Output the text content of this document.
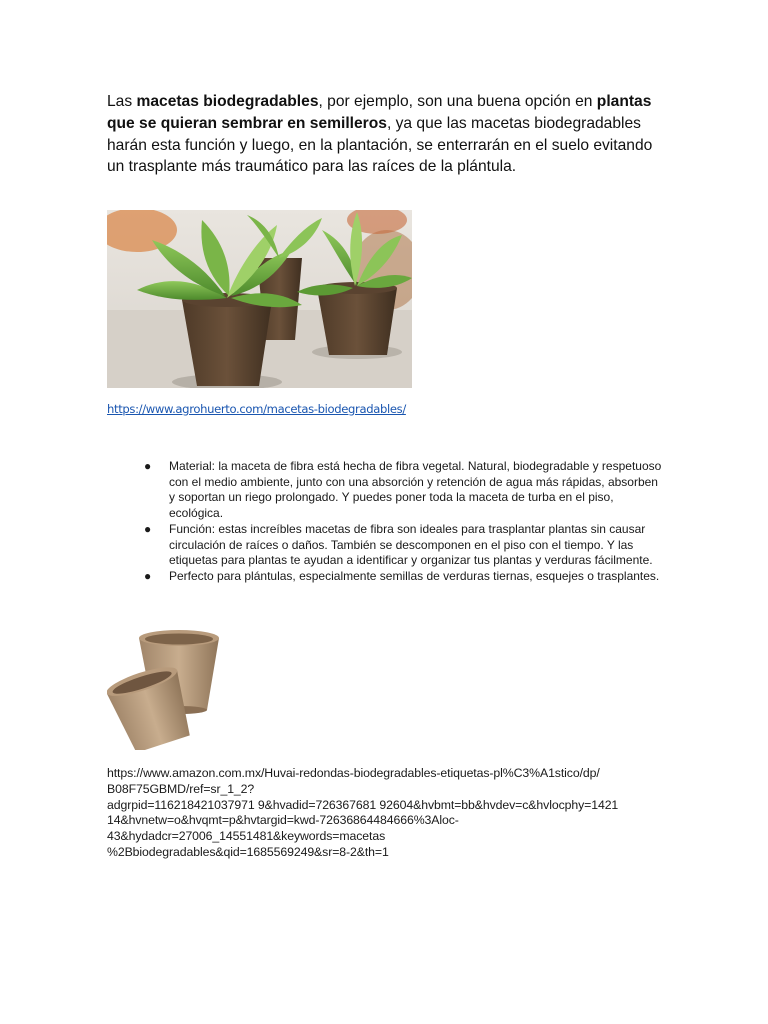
Las macetas biodegradables, por ejemplo, son una buena opción en plantas que se quieran sembrar en semilleros, ya que las macetas biodegradables harán esta función y luego, en la plantación, se enterrarán en el suelo evitando un trasplante más traumático para las raíces de la plántula.

https://www.agrohuerto.com/macetas-biodegradables/
● Material: la maceta de fibra está hecha de fibra vegetal. Natural, biodegradable y respetuoso con el medio ambiente, junto con una absorción y retención de agua más rápidas, absorben y soportan un riego prolongado. Y puedes poner toda la maceta de turba en el piso, ecológica.
● Función: estas increíbles macetas de fibra son ideales para trasplantar plantas sin causar circulación de raíces o daños. También se descomponen en el piso con el tiempo. Y las etiquetas para plantas te ayudan a identificar y organizar tus plantas y verduras fácilmente.
● Perfecto para plántulas, especialmente semillas de verduras tiernas, esquejes o trasplantes.
https://www.amazon.com.mx/Huvai-redondas-biodegradables-etiquetas-pl%C3%A1stico/dp/
B08F75GBMD/ref=sr_1_2?
adgrpid=116218421037971 9&hvadid=726367681 92604&hvbmt=bb&hvdev=c&hvlocphy=1421
14&hvnetw=o&hvqmt=p&hvtargid=kwd-72636864484666%3Aloc-
43&hydadcr=27006_14551481&keywords=macetas
%2Bbiodegradables&qid=1685569249&sr=8-2&th=1
